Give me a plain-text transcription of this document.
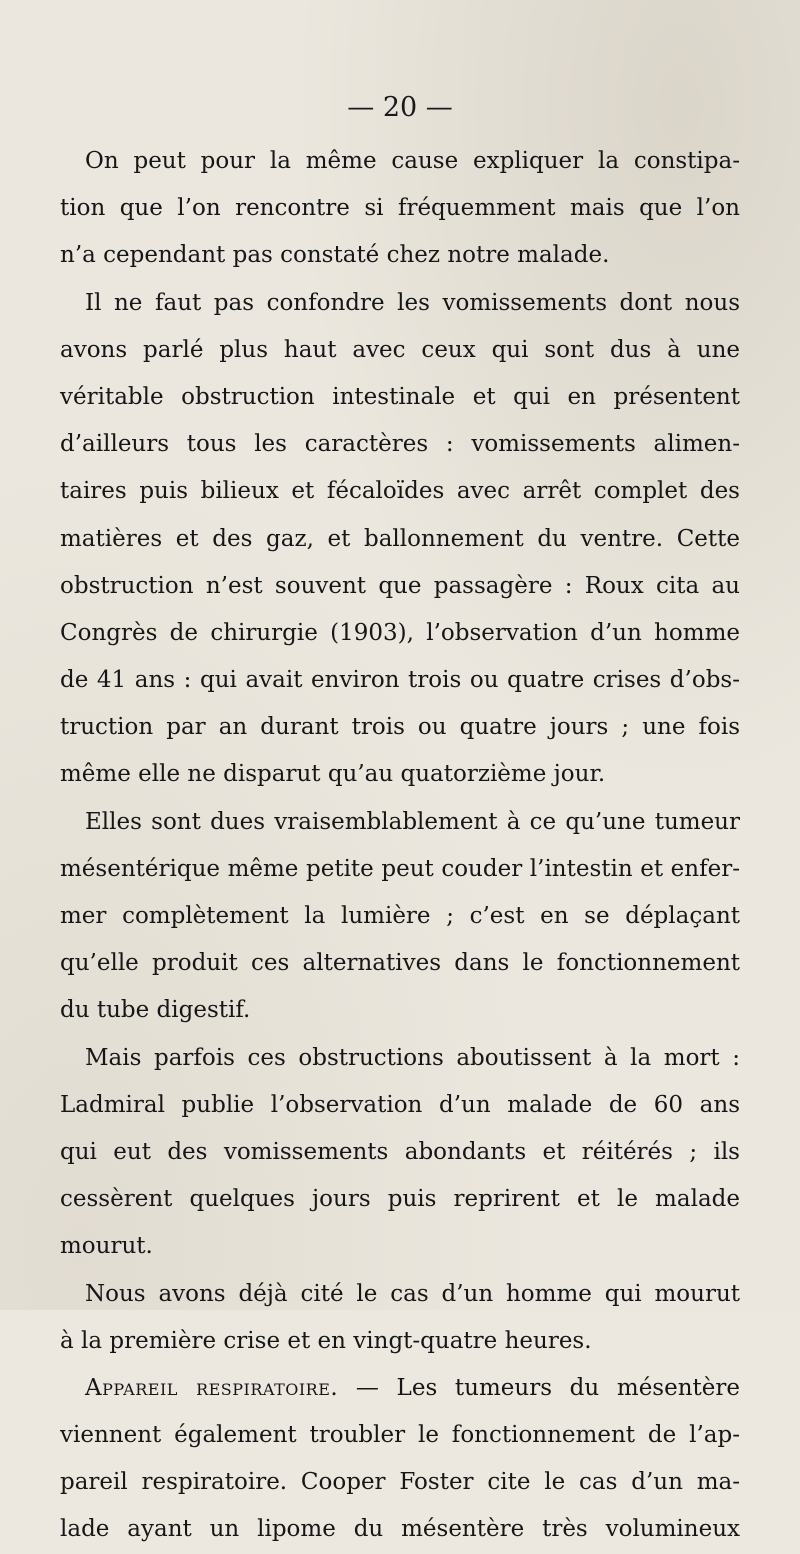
— 20 —
On peut pour la même cause expliquer la constipa-
tion que l’on rencontre si fréquemment mais que l’on
n’a cependant pas constaté chez notre malade.
Il ne faut pas confondre les vomissements dont nous
avons parlé plus haut avec ceux qui sont dus à une
véritable obstruction intestinale et qui en présentent
d’ailleurs tous les caractères : vomissements alimen-
taires puis bilieux et fécaloïdes avec arrêt complet des
matières et des gaz, et ballonnement du ventre. Cette
obstruction n’est souvent que passagère : Roux cita au
Congrès de chirurgie (1903), l’observation d’un homme
de 41 ans : qui avait environ trois ou quatre crises d’obs-
truction par an durant trois ou quatre jours ; une fois
même elle ne disparut qu’au quatorzième jour.
Elles sont dues vraisemblablement à ce qu’une tumeur
mésentérique même petite peut couder l’intestin et enfer-
mer complètement la lumière ; c’est en se déplaçant
qu’elle produit ces alternatives dans le fonctionnement
du tube digestif.
Mais parfois ces obstructions aboutissent à la mort :
Ladmiral publie l’observation d’un malade de 60 ans
qui eut des vomissements abondants et réitérés ; ils
cessèrent quelques jours puis reprirent et le malade
mourut.
Nous avons déjà cité le cas d’un homme qui mourut
à la première crise et en vingt-quatre heures.
Appareil respiratoire. — Les tumeurs du mésentère
viennent également troubler le fonctionnement de l’ap-
pareil respiratoire. Cooper Foster cite le cas d’un ma-
lade ayant un lipome du mésentère très volumineux
